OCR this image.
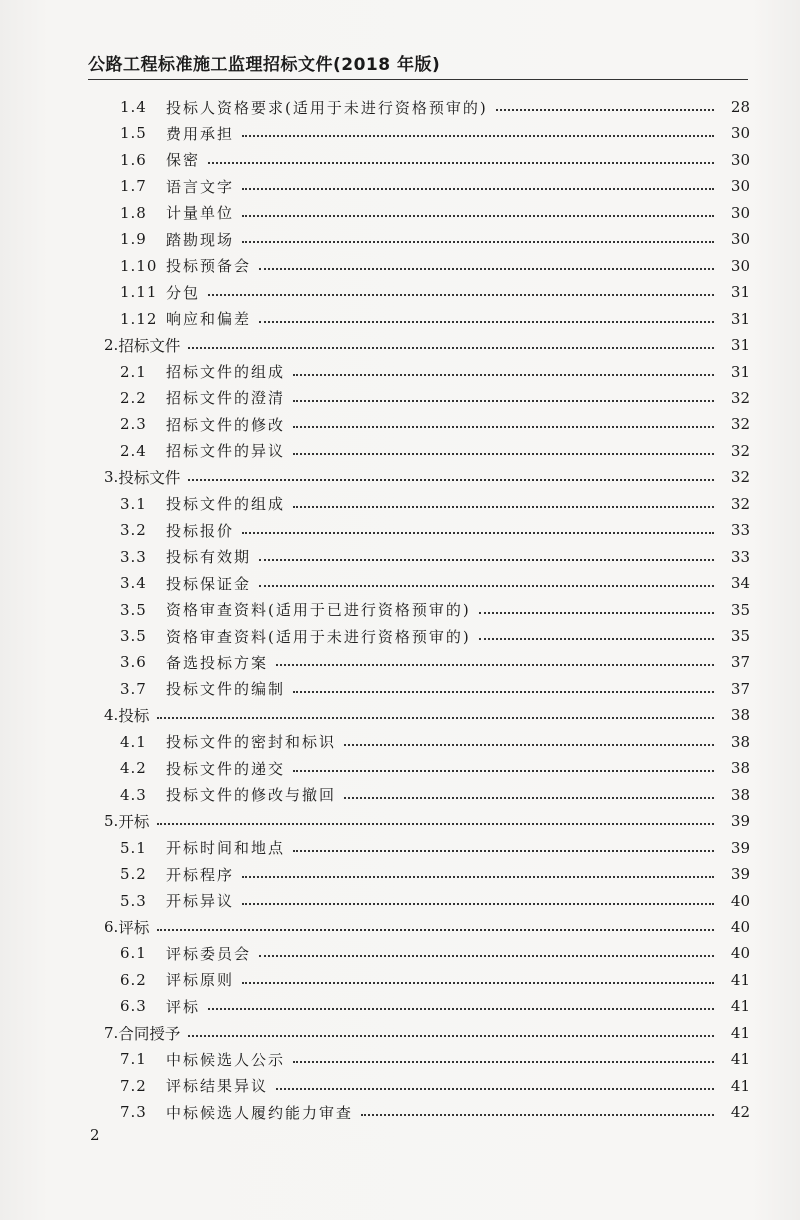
公路工程标准施工监理招标文件(2018 年版)
1.4	投标人资格要求(适用于未进行资格预审的)	28
1.5	费用承担	30
1.6	保密	30
1.7	语言文字	30
1.8	计量单位	30
1.9	踏勘现场	30
1.10 投标预备会	30
1.11 分包	31
1.12 响应和偏差	31
2. 招标文件	31
2.1	招标文件的组成	31
2.2	招标文件的澄清	32
2.3	招标文件的修改	32
2.4	招标文件的异议	32
3. 投标文件	32
3.1	投标文件的组成	32
3.2	投标报价	33
3.3	投标有效期	33
3.4	投标保证金	34
3.5	资格审查资料(适用于已进行资格预审的)	35
3.5	资格审查资料(适用于未进行资格预审的)	35
3.6	备选投标方案	37
3.7	投标文件的编制	37
4. 投标	38
4.1	投标文件的密封和标识	38
4.2	投标文件的递交	38
4.3	投标文件的修改与撤回	38
5. 开标	39
5.1	开标时间和地点	39
5.2	开标程序	39
5.3	开标异议	40
6. 评标	40
6.1	评标委员会	40
6.2	评标原则	41
6.3	评标	41
7. 合同授予	41
7.1	中标候选人公示	41
7.2	评标结果异议	41
7.3	中标候选人履约能力审查	42
2
